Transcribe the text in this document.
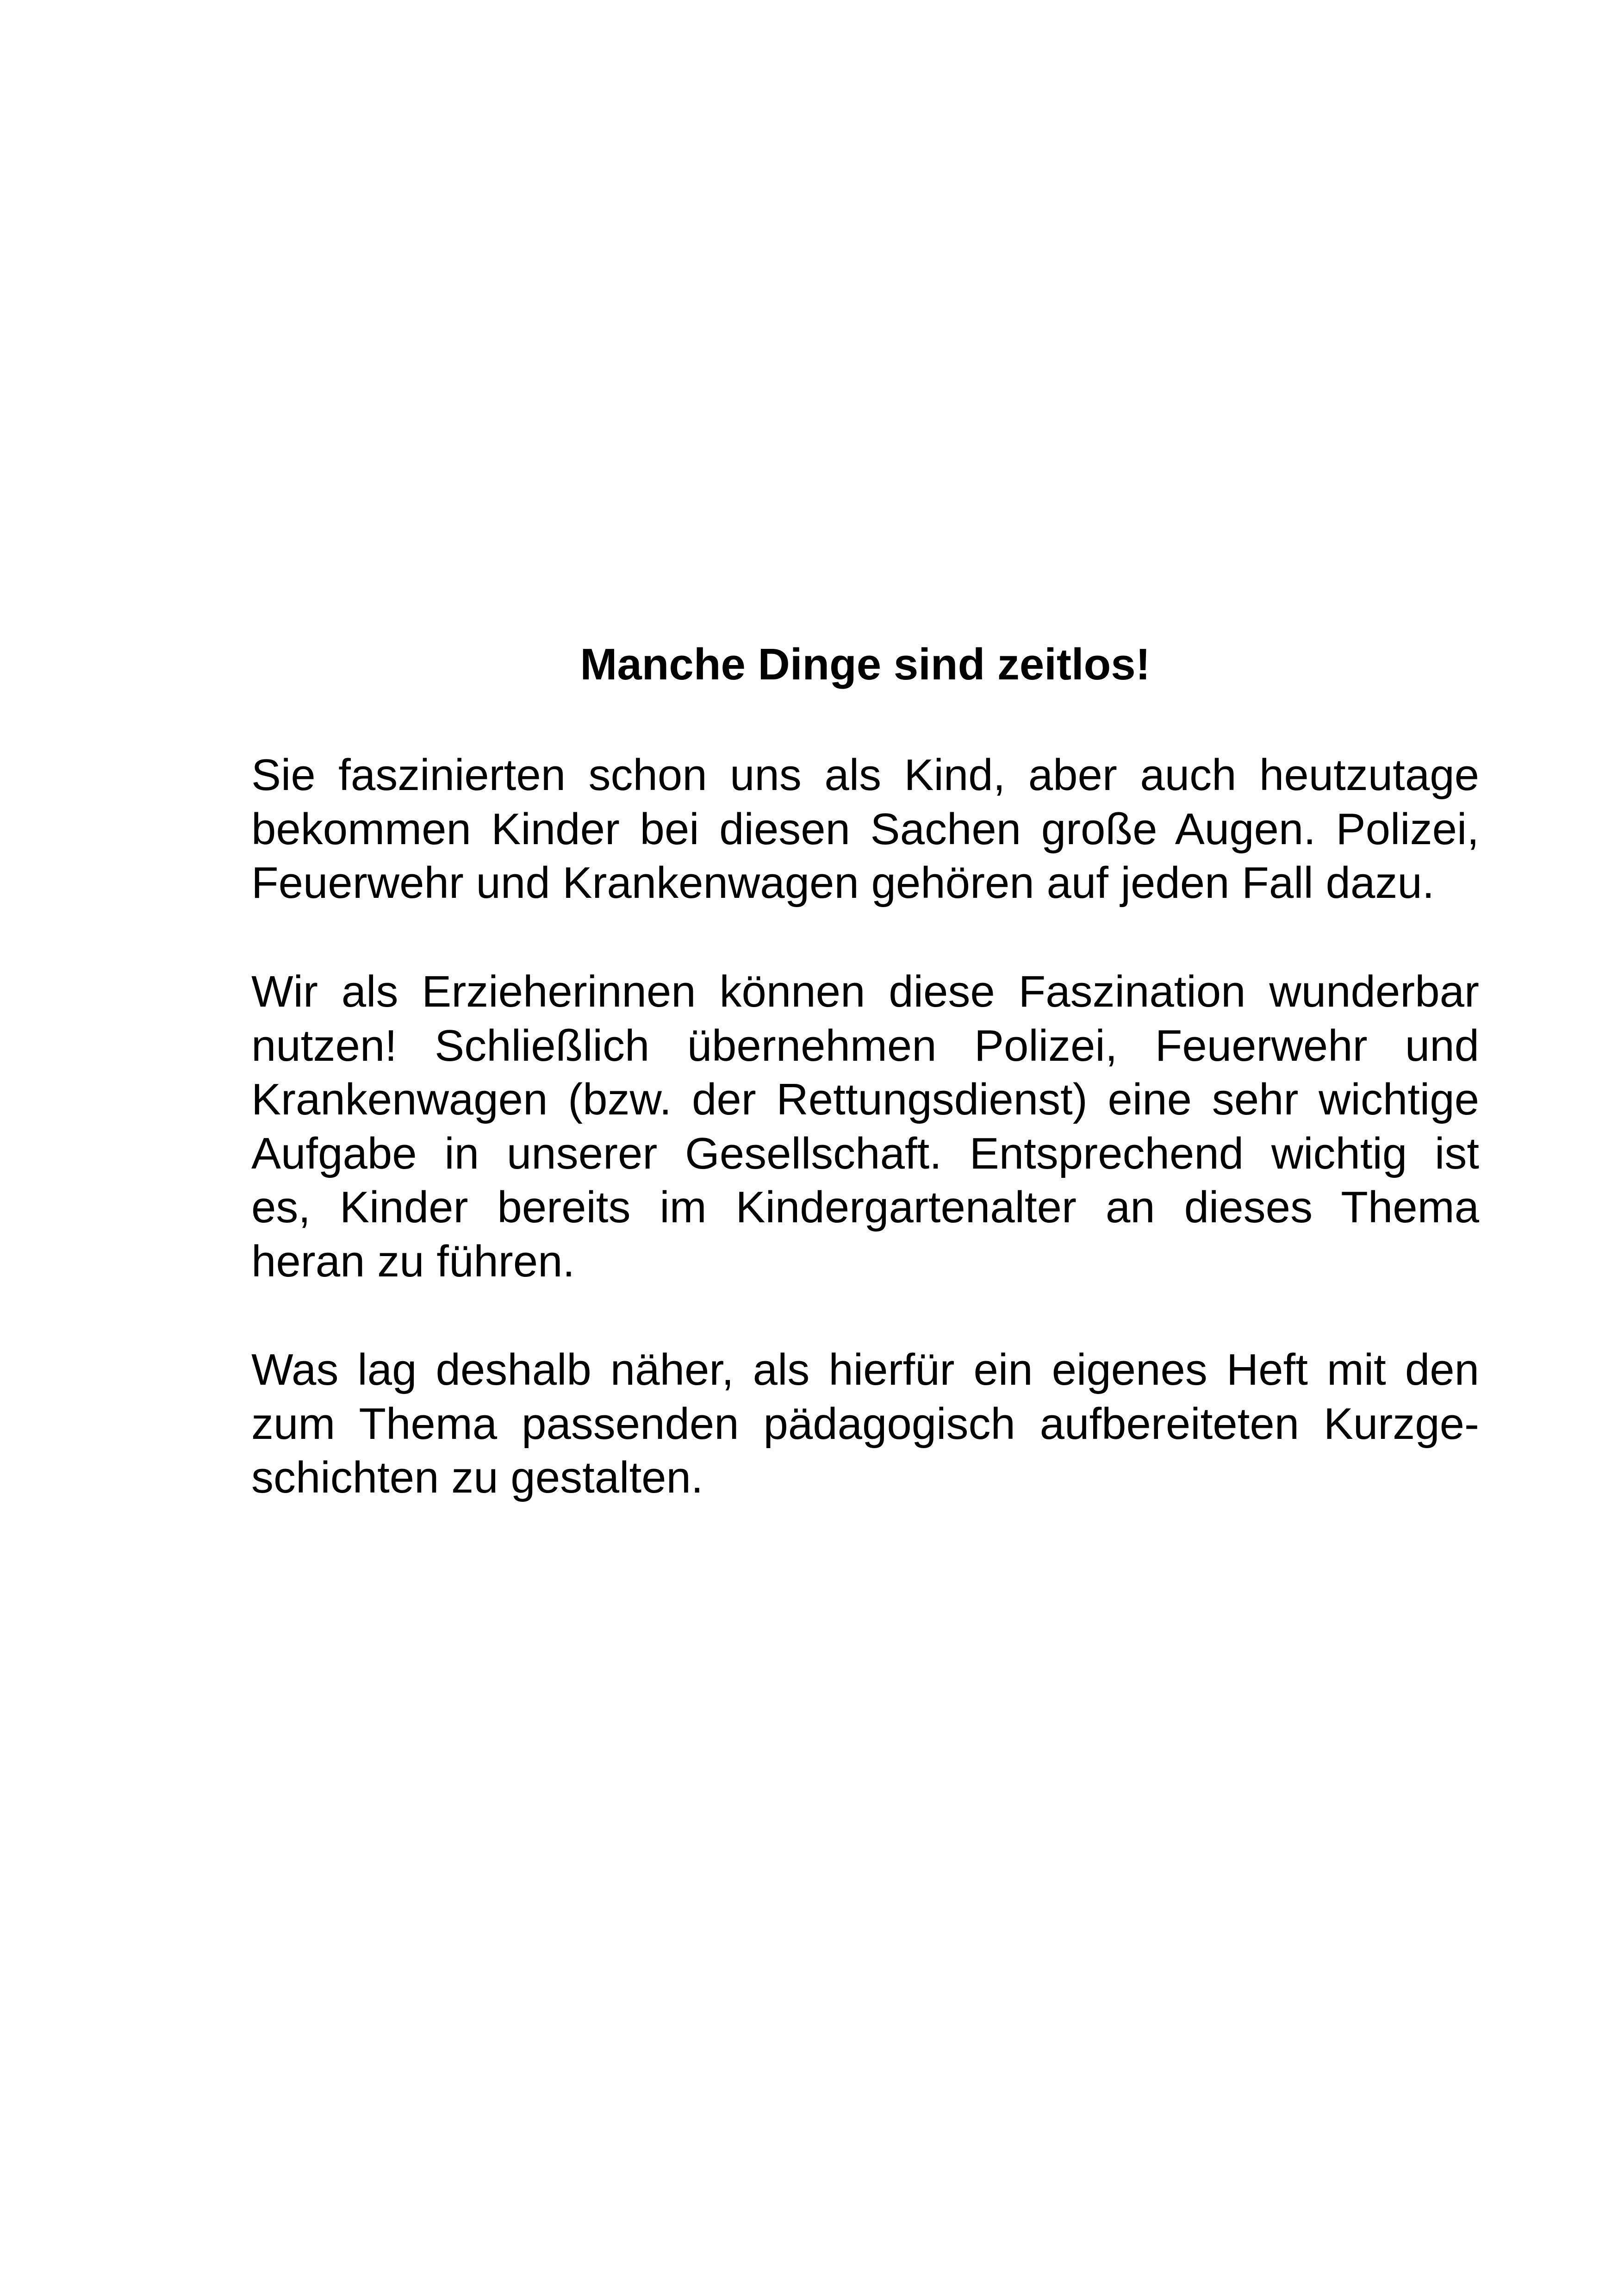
Manche Dinge sind zeitlos!
Sie faszinierten schon uns als Kind, aber auch heutzutage
bekommen Kinder bei diesen Sachen große Augen. Polizei,
Feuerwehr und Krankenwagen gehören auf jeden Fall dazu.
Wir als Erzieherinnen können diese Faszination wunderbar
nutzen! Schließlich übernehmen Polizei, Feuerwehr und
Krankenwagen (bzw. der Rettungsdienst) eine sehr wichtige
Aufgabe in unserer Gesellschaft. Entsprechend wichtig ist
es, Kinder bereits im Kindergartenalter an dieses Thema
heran zu führen.
Was lag deshalb näher, als hierfür ein eigenes Heft mit den
zum Thema passenden pädagogisch aufbereiteten Kurzge-
schichten zu gestalten.
